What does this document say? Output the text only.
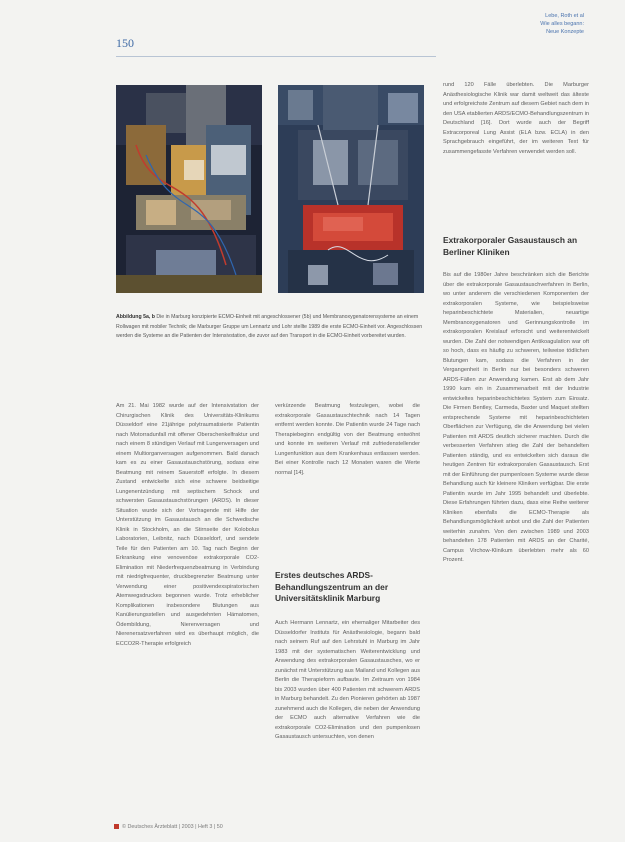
150
Lebe, Roth et al
Wie alles begann:
Neue Konzepte
Abbildung 5a, b Die in Marburg konzipierte ECMO-Einheit mit angeschlossener (5b) und Membranoxygenatorensysteme an einem Rollwagen mit mobiler Technik; die Marburger Gruppe um Lennartz und Lohr stellte 1989 die erste ECMO-Einheit vor. Angeschlossen werden die Systeme an die Patienten der Intensivstation, die zuvor auf den Transport in die ECMO-Einheit vorbereitet wurden.
Am 21. Mai 1982 wurde auf der Intensivstation der Chirurgischen Klinik des Universitäts-Klinikums Düsseldorf eine 21jährige polytraumatisierte Patientin nach Motorradunfall mit offener Oberschenkelfraktur und nach einem 8 stündigen Verlauf mit Lungenversagen und einem Multiorganversagen aufgenommen. Bald danach kam es zu einer Gasaustauschstörung, sodass eine Beatmung mit reinem Sauerstoff erfolgte. In diesem Zustand entwickelte sich eine schwere beidseitige Lungenentzündung mit septischem Schock und schwersten Gasaustauschstörungen (ARDS). In dieser Situation wurde sich der Vortragende mit Hilfe der Unterstützung im Gasaustausch an die Schwedische Klinik in Stockholm, an die Stirnseite der Kolobolus Laboratorien, Leibnitz, nach Düsseldorf, und sendete Teile für den Patienten am 10. Tag nach Beginn der Erkrankung eine venovenöse extrakorporale CO2-Elimination mit Niederfrequenzbeatmung in Verbindung mit niedrigfrequenter, druckbegrenzter Beatmung unter Verwendung einer positivendexspiratorischen Atemwegsdruckes begonnen wurde. Trotz erheblicher Komplikationen insbesondere Blutungen aus Kanülierungsstellen und ausgedehnten Hämatomen, Ödembildung, Nierenversagen und Nierenersatzverfahren wird es überhaupt möglich, die ECCO2R-Therapie erfolgreich
verkürzende Beatmung festzulegen, wobei die extrakorporale Gasaustauschtechnik nach 14 Tagen entfernt werden konnte. Die Patientin wurde 24 Tage nach Therapiebeginn endgültig von der Beatmung entwöhnt und konnte im weiteren Verlauf mit zufriedenstellender Lungenfunktion aus dem Krankenhaus entlassen werden. Bei einer Kontrolle nach 12 Monaten waren die Werte normal [14].
Erstes deutsches ARDS-Behandlungszentrum an der Universitätsklinik Marburg
Auch Hermann Lennartz, ein ehemaliger Mitarbeiter des Düsseldorfer Instituts für Anästhesiologie, begann bald nach seinem Ruf auf den Lehrstuhl in Marburg im Jahr 1983 mit der systematischen Weiterentwicklung und Anwendung des extrakorporalen Gasaustausches, wo er zunächst mit Unterstützung aus Mailand und Kollegen aus Berlin die Therapieform aufbaute. Im Zeitraum von 1984 bis 2003 wurden über 400 Patienten mit schwerem ARDS in Marburg behandelt. Zu den Pionieren gehörten ab 1987 zunehmend auch die Kollegen, die neben der Anwendung der ECMO auch alternative Verfahren wie die extrakorporale CO2-Elimination und den pumpenlosen Gasaustausch untersuchten, von denen
rund 120 Fälle überlebten. Die Marburger Anästhesiologische Klinik war damit weltweit das älteste und erfolgreichste Zentrum auf diesem Gebiet nach dem in den USA etablierten ARDS/ECMO-Behandlungszentrum in Deutschland [16]. Dort wurde auch der Begriff Extracorporeal Lung Assist (ELA bzw. ECLA) in den Sprachgebrauch eingeführt, der im weiteren Text für zusammengefasste Verfahren verwendet werden soll.
Extrakorporaler Gasaustausch an Berliner Kliniken
Bis auf die 1980er Jahre beschränken sich die Berichte über die extrakorporale Gasaustauschverfahren in Berlin, wo unter anderem die verschiedenen Komponenten der extrakorporalen Systeme, wie beispielsweise heparinbeschichtete Materialien, neuartige Membranoxygenatoren und Gerinnungskontrolle im extrakorporalen Kreislauf erforscht und weiterentwickelt wurden. Die Zahl der notwendigen Antikoagulation war oft so hoch, dass es häufig zu schweren, teilweise tödlichen Blutungen kam, sodass die Verfahren in der Vergangenheit in Berlin nur bei besonders schweren ARDS-Fällen zur Anwendung kamen. Erst ab dem Jahr 1990 kam ein in Zusammenarbeit mit der Industrie entwickeltes heparinbeschichtetes System zum Einsatz. Die Firmen Bentley, Carmeda, Baxter und Maquet stellten entsprechende Systeme mit heparinbeschichteten Oberflächen zur Verfügung, die die Anwendung bei vielen Patienten mit ARDS deutlich sicherer machten. Durch die verbesserten Verfahren stieg die Zahl der behandelten Patienten ständig, und es entwickelten sich daraus die heutigen Zentren für extrakorporalen Gasaustausch. Erst mit der Einführung der pumpenlosen Systeme wurde diese Behandlung auch für kleinere Kliniken verfügbar. Die erste Patientin wurde im Jahr 1995 behandelt und überlebte. Diese Erfahrungen führten dazu, dass eine Reihe weiterer Kliniken ebenfalls die ECMO-Therapie als Behandlungsmöglichkeit anbot und die Zahl der Patienten weiterhin zunahm. Von den zwischen 1989 und 2003 behandelten 178 Patienten mit ARDS an der Charité, Campus Virchow-Klinikum überlebten mehr als 60 Prozent.
© Deutsches Ärzteblatt | 2003 | Heft 3 | 50
